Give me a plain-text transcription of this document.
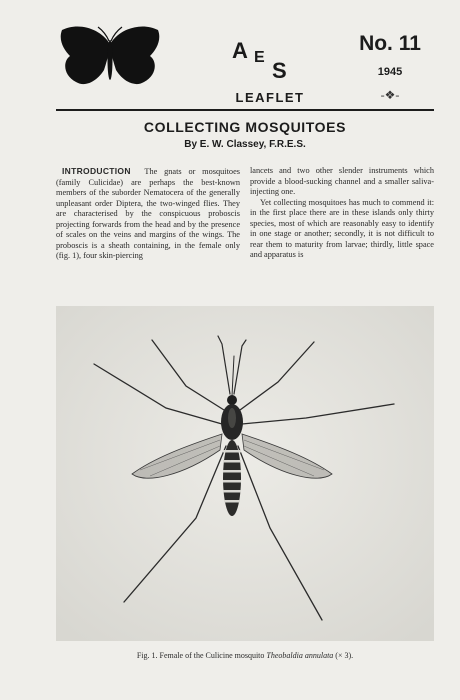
A E
S
LEAFLET
No. 11
1945
-❖-
COLLECTING MOSQUITOES
By E. W. Classey, F.R.E.S.

INTRODUCTION The gnats or mosquitoes (family Culicidae) are perhaps the best-known members of the suborder Nematocera of the generally unpleasant order Diptera, the two-winged flies. They are characterised by the conspicuous proboscis projecting forwards from the head and by the presence of scales on the veins and margins of the wings. The proboscis is a sheath containing, in the female only (fig. 1), four skin-piercing

lancets and two other slender instruments which provide a blood-sucking channel and a smaller saliva-injecting one.

Yet collecting mosquitoes has much to commend it: in the first place there are in these islands only thirty species, most of which are reasonably easy to identify in one stage or another; secondly, it is not difficult to rear them to maturity from larvae; thirdly, little space and apparatus is

Fig. 1. Female of the Culicine mosquito Theobaldia annulata (× 3).
